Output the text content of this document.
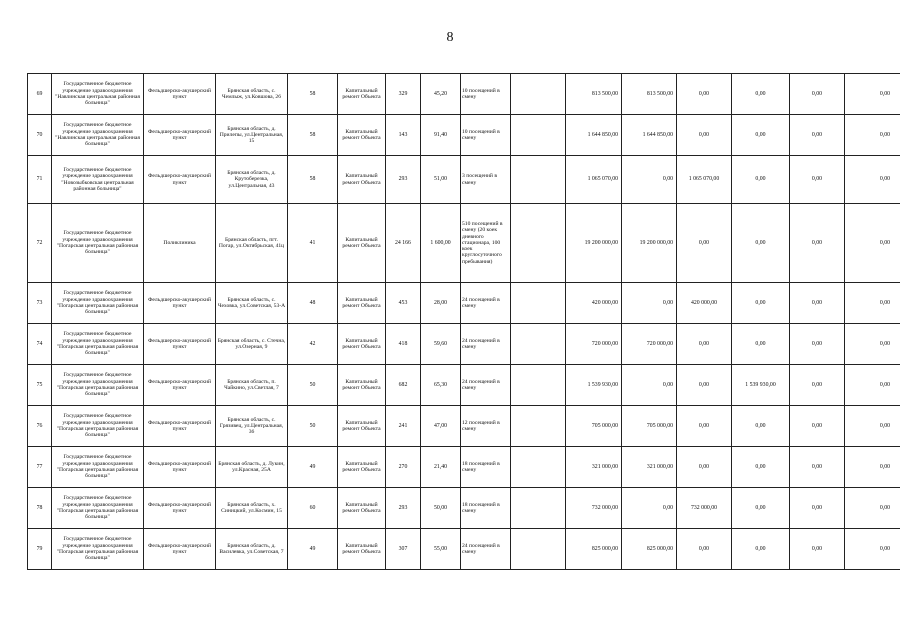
8
69	Государственное бюджетное учреждение здравоохранения "Навлинская центральная районная больница"	Фельдшерско-акушерский пункт	Брянская область, с. Чемлыж, ул.Ковшова, 26	58	Капитальный ремонт Объекта	329	45,20	10 посещений в смену		813 500,00	813 500,00	0,00	0,00	0,00	0,00
70	Государственное бюджетное учреждение здравоохранения "Навлинская центральная районная больница"	Фельдшерско-акушерский пункт	Брянская область, д. Прилепы, ул.Центральная, 15	58	Капитальный ремонт Объекта	143	91,40	10 посещений в смену		1 644 850,00	1 644 850,00	0,00	0,00	0,00	0,00
71	Государственное бюджетное учреждение здравоохранения "Новозыбковская центральная районная больница"	Фельдшерско-акушерский пункт	Брянская область, д. Крутоберезка, ул.Центральная, 43	58	Капитальный ремонт Объекта	293	51,00	3 посещений в смену		1 065 070,00	0,00	1 065 070,00	0,00	0,00	0,00
72	Государственное бюджетное учреждение здравоохранения "Погарская центральная районная больница"	Поликлиника	Брянская область, пгт. Погар, ул.Октябрьская, 41ц	41	Капитальный ремонт Объекта	24 166	1 600,00	510 посещений в смену (20 коек дневного стационара, 100 коек круглосуточного пребывания)		19 200 000,00	19 200 000,00	0,00	0,00	0,00	0,00
73	Государственное бюджетное учреждение здравоохранения "Погарская центральная районная больница"	Фельдшерско-акушерский пункт	Брянская область, с. Чеховка, ул.Советская, 53-А	48	Капитальный ремонт Объекта	453	28,00	24 посещений в смену		420 000,00	0,00	420 000,00	0,00	0,00	0,00
74	Государственное бюджетное учреждение здравоохранения "Погарская центральная районная больница"	Фельдшерско-акушерский пункт	Брянская область, с. Стечна, ул.Озерная, 9	42	Капитальный ремонт Объекта	418	59,60	24 посещений в смену		720 000,00	720 000,00	0,00	0,00	0,00	0,00
75	Государственное бюджетное учреждение здравоохранения "Погарская центральная районная больница"	Фельдшерско-акушерский пункт	Брянская область, п. Чайкино, ул.Светлая, 7	50	Капитальный ремонт Объекта	682	65,30	24 посещений в смену		1 539 930,00	0,00	0,00	1 539 930,00	0,00	0,00
76	Государственное бюджетное учреждение здравоохранения "Погарская центральная районная больница"	Фельдшерско-акушерский пункт	Брянская область, с. Грязивец, ул.Центральная, 36	50	Капитальный ремонт Объекта	241	47,00	12 посещений в смену		705 000,00	705 000,00	0,00	0,00	0,00	0,00
77	Государственное бюджетное учреждение здравоохранения "Погарская центральная районная больница"	Фельдшерско-акушерский пункт	Брянская область, д. Лукин, ул.Красная, 25А	49	Капитальный ремонт Объекта	270	21,40	18 посещений в смену		321 000,00	321 000,00	0,00	0,00	0,00	0,00
78	Государственное бюджетное учреждение здравоохранения "Погарская центральная районная больница"	Фельдшерско-акушерский пункт	Брянская область, х. Синицкий, ул.Космин, 15	60	Капитальный ремонт Объекта	293	50,00	18 посещений в смену		732 000,00	0,00	732 000,00	0,00	0,00	0,00
79	Государственное бюджетное учреждение здравоохранения "Погарская центральная районная больница"	Фельдшерско-акушерский пункт	Брянская область, д. Василевка, ул.Советская, 7	49	Капитальный ремонт Объекта	307	55,00	24 посещений в смену		825 000,00	825 000,00	0,00	0,00	0,00	0,00
